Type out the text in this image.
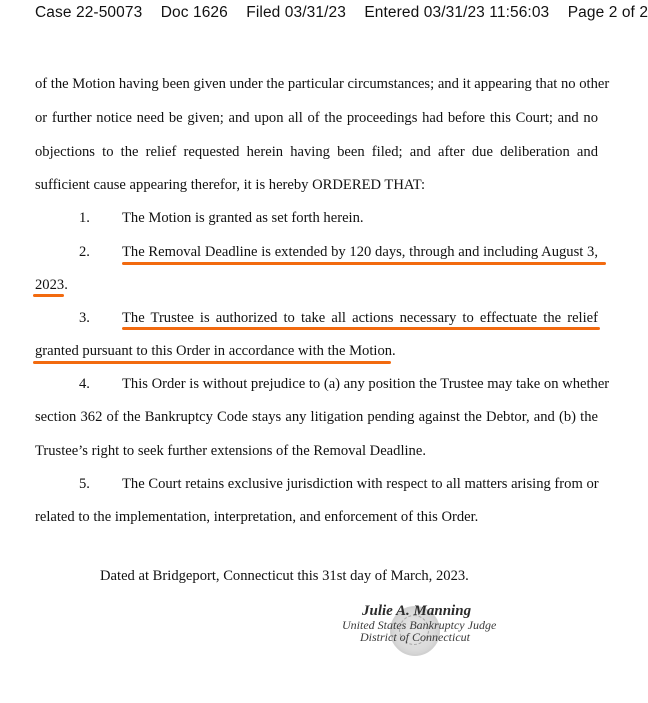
Case 22-50073 Doc 1626 Filed 03/31/23 Entered 03/31/23 11:56:03 Page 2 of 2
of the Motion having been given under the particular circumstances; and it appearing that no other
or further notice need be given; and upon all of the proceedings had before this Court; and no
objections to the relief requested herein having been filed; and after due deliberation and
sufficient cause appearing therefor, it is hereby ORDERED THAT:
1. The Motion is granted as set forth herein.
2. The Removal Deadline is extended by 120 days, through and including August 3,
2023.
3. The Trustee is authorized to take all actions necessary to effectuate the relief
granted pursuant to this Order in accordance with the Motion.
4. This Order is without prejudice to (a) any position the Trustee may take on whether
section 362 of the Bankruptcy Code stays any litigation pending against the Debtor, and (b) the
Trustee’s right to seek further extensions of the Removal Deadline.
5. The Court retains exclusive jurisdiction with respect to all matters arising from or
related to the implementation, interpretation, and enforcement of this Order.
Dated at Bridgeport, Connecticut this 31st day of March, 2023.
Julie A. Manning
United States Bankruptcy Judge
District of Connecticut
